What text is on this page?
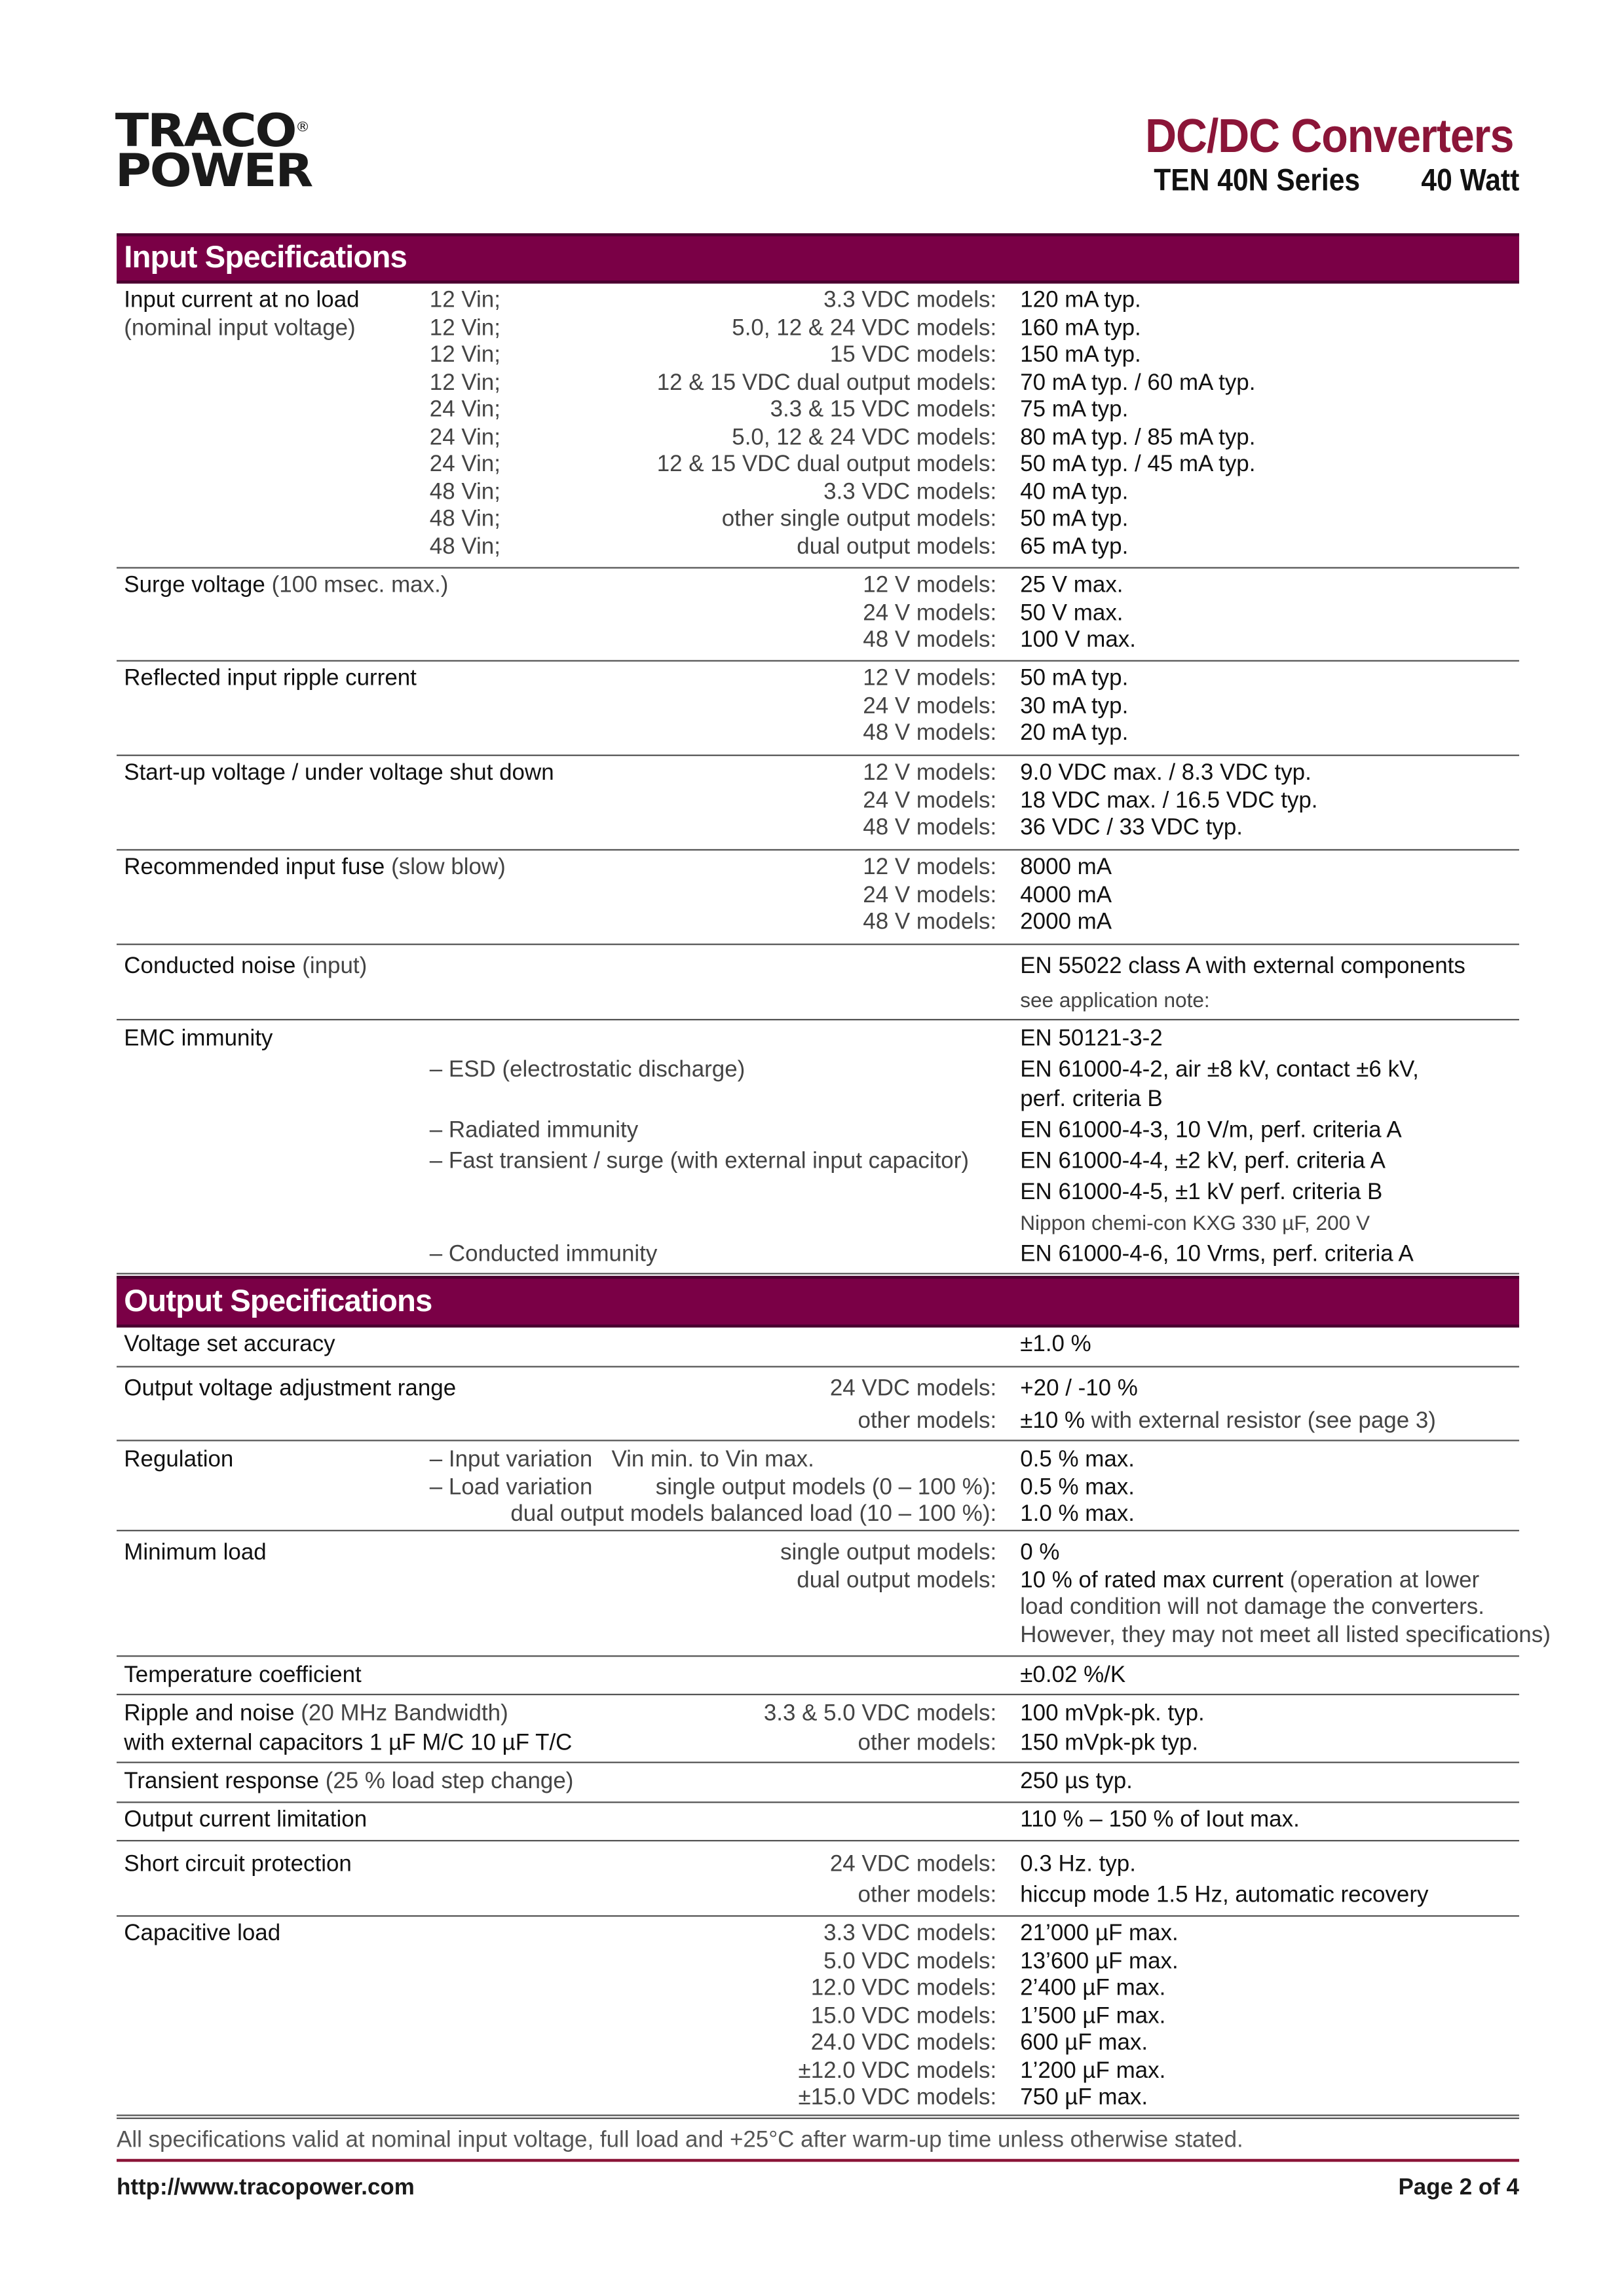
TRACO®
POWER
DC/DC Converters
TEN 40N Series	40 Watt
Input Specifications
Input current at no load	12 Vin;	3.3 VDC models: 120 mA typ.
(nominal input voltage)	12 Vin;	5.0, 12 & 24 VDC models: 160 mA typ.
12 Vin;	15 VDC models: 150 mA typ.
12 Vin;	12 & 15 VDC dual output models: 70 mA typ. / 60 mA typ.
24 Vin;	3.3 & 15 VDC models: 75 mA typ.
24 Vin;	5.0, 12 & 24 VDC models: 80 mA typ. / 85 mA typ.
24 Vin;	12 & 15 VDC dual output models: 50 mA typ. / 45 mA typ.
48 Vin;	3.3 VDC models: 40 mA typ.
48 Vin;	other single output models: 50 mA typ.
48 Vin;	dual output models: 65 mA typ.
Surge voltage (100 msec. max.)	12 V models: 25 V max.
24 V models: 50 V max.
48 V models: 100 V max.
Reflected input ripple current	12 V models: 50 mA typ.
24 V models: 30 mA typ.
48 V models: 20 mA typ.
Start-up voltage / under voltage shut down	12 V models: 9.0 VDC max. / 8.3 VDC typ.
24 V models: 18 VDC max. / 16.5 VDC typ.
48 V models: 36 VDC / 33 VDC typ.
Recommended input fuse (slow blow)	12 V models: 8000 mA
24 V models: 4000 mA
48 V models: 2000 mA
Conducted noise (input)	EN 55022 class A with external components
see application note:
EMC immunity	EN 50121-3-2
– ESD (electrostatic discharge)	EN 61000-4-2, air ±8 kV, contact ±6 kV,
perf. criteria B
– Radiated immunity	EN 61000-4-3, 10 V/m, perf. criteria A
– Fast transient / surge (with external input capacitor)	EN 61000-4-4, ±2 kV, perf. criteria A
EN 61000-4-5, ±1 kV perf. criteria B
Nippon chemi-con KXG 330 µF, 200 V
– Conducted immunity	EN 61000-4-6, 10 Vrms, perf. criteria A
Output Specifications
Voltage set accuracy	±1.0 %
Output voltage adjustment range	24 VDC models: +20 / -10 %
other models: ±10 % with external resistor (see page 3)
Regulation	– Input variation   Vin min. to Vin max.	0.5 % max.
– Load variation	single output models (0 – 100 %): 0.5 % max.
dual output models balanced load (10 – 100 %): 1.0 % max.
Minimum load	single output models: 0 %
dual output models: 10 % of rated max current (operation at lower
load condition will not damage the converters.
However, they may not meet all listed specifications)
Temperature coefficient	±0.02 %/K
Ripple and noise (20 MHz Bandwidth)	3.3 & 5.0 VDC models: 100 mVpk-pk. typ.
with external capacitors 1 µF M/C 10 µF T/C	other models: 150 mVpk-pk typ.
Transient response (25 % load step change)	250 µs typ.
Output current limitation	110 % – 150 % of Iout max.
Short circuit protection	24 VDC models: 0.3 Hz. typ.
other models: hiccup mode 1.5 Hz, automatic recovery
Capacitive load	3.3 VDC models: 21’000 µF max.
5.0 VDC models: 13’600 µF max.
12.0 VDC models: 2’400 µF max.
15.0 VDC models: 1’500 µF max.
24.0 VDC models: 600 µF max.
±12.0 VDC models: 1’200 µF max.
±15.0 VDC models: 750 µF max.
All specifications valid at nominal input voltage, full load and +25°C after warm-up time unless otherwise stated.
http://www.tracopower.com	Page 2 of 4
